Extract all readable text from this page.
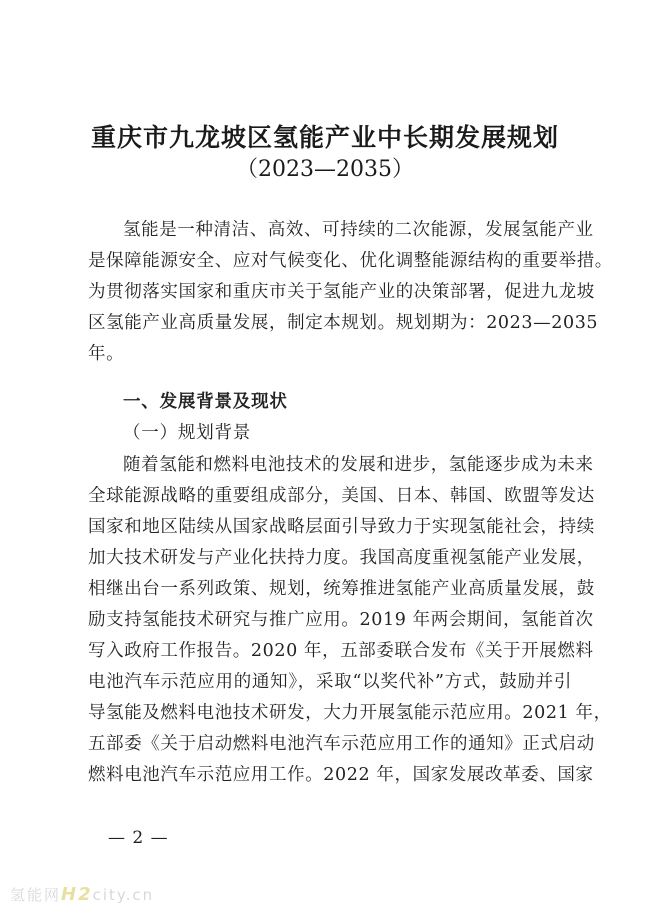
重庆市九龙坡区氢能产业中长期发展规划
（2023—2035）
氢能是一种清洁、高效、可持续的二次能源，发展氢能产业
是保障能源安全、应对气候变化、优化调整能源结构的重要举措。
为贯彻落实国家和重庆市关于氢能产业的决策部署，促进九龙坡
区氢能产业高质量发展，制定本规划。规划期为：2023—2035
年。
一、发展背景及现状
（一）规划背景
随着氢能和燃料电池技术的发展和进步，氢能逐步成为未来
全球能源战略的重要组成部分，美国、日本、韩国、欧盟等发达
国家和地区陆续从国家战略层面引导致力于实现氢能社会，持续
加大技术研发与产业化扶持力度。我国高度重视氢能产业发展，
相继出台一系列政策、规划，统筹推进氢能产业高质量发展，鼓
励支持氢能技术研究与推广应用。2019 年两会期间，氢能首次
写入政府工作报告。2020 年，五部委联合发布《关于开展燃料
电池汽车示范应用的通知》，采取“以奖代补”方式，鼓励并引
导氢能及燃料电池技术研发，大力开展氢能示范应用。2021 年，
五部委《关于启动燃料电池汽车示范应用工作的通知》正式启动
燃料电池汽车示范应用工作。2022 年，国家发展改革委、国家
— 2 —
氢能网H2city.cn
